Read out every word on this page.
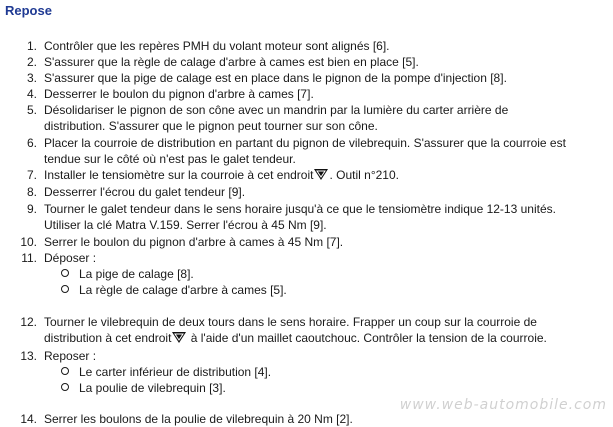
Repose
1. Contrôler que les repères PMH du volant moteur sont alignés [6].
2. S'assurer que la règle de calage d'arbre à cames est bien en place [5].
3. S'assurer que la pige de calage est en place dans le pignon de la pompe d'injection [8].
4. Desserrer le boulon du pignon d'arbre à cames [7].
5. Désolidariser le pignon de son cône avec un mandrin par la lumière du carter arrière de
distribution. S'assurer que le pignon peut tourner sur son cône.
6. Placer la courroie de distribution en partant du pignon de vilebrequin. S'assurer que la courroie est
tendue sur le côté où n'est pas le galet tendeur.
7. Installer le tensiomètre sur la courroie à cet endroit . Outil n°210.
8. Desserrer l'écrou du galet tendeur [9].
9. Tourner le galet tendeur dans le sens horaire jusqu'à ce que le tensiomètre indique 12-13 unités.
Utiliser la clé Matra V.159. Serrer l'écrou à 45 Nm [9].
10. Serrer le boulon du pignon d'arbre à cames à 45 Nm [7].
11. Déposer :
La pige de calage [8].
La règle de calage d'arbre à cames [5].
12. Tourner le vilebrequin de deux tours dans le sens horaire. Frapper un coup sur la courroie de
distribution à cet endroit à l'aide d'un maillet caoutchouc. Contrôler la tension de la courroie.
13. Reposer :
Le carter inférieur de distribution [4].
La poulie de vilebrequin [3].
14. Serrer les boulons de la poulie de vilebrequin à 20 Nm [2].
www.web-automobile.com
